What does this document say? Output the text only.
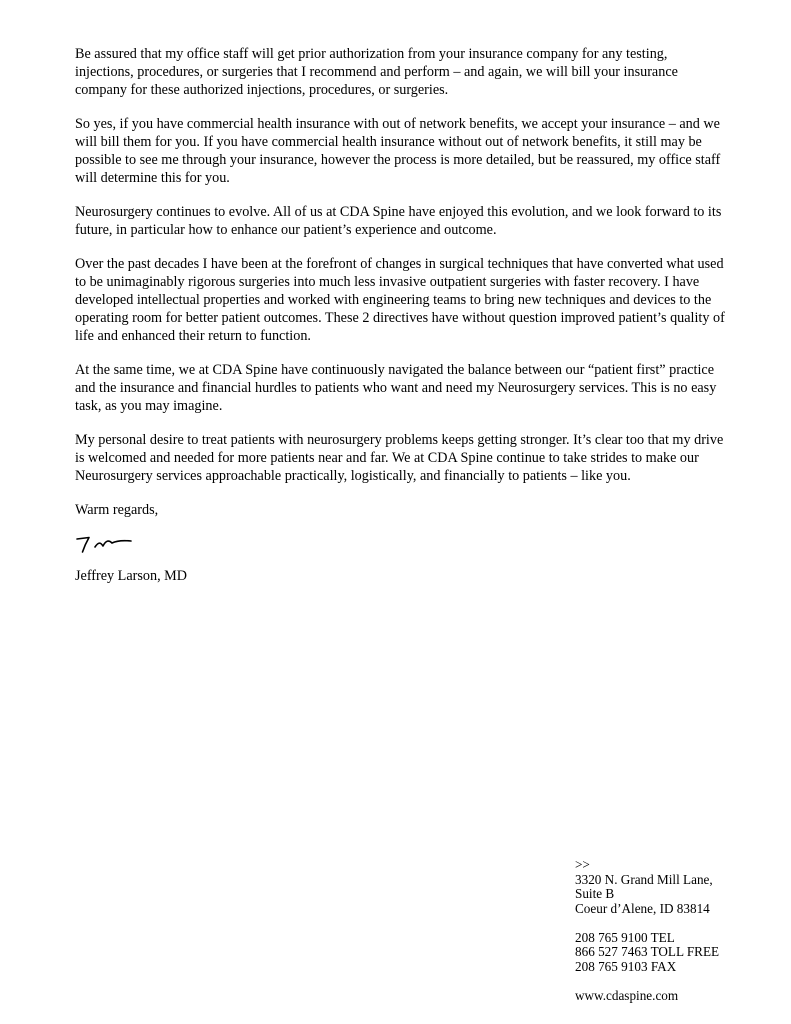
Be assured that my office staff will get prior authorization from your insurance company for any testing, injections, procedures, or surgeries that I recommend and perform – and again, we will bill your insurance company for these authorized injections, procedures, or surgeries.

So yes, if you have commercial health insurance with out of network benefits, we accept your insurance – and we will bill them for you. If you have commercial health insurance without out of network benefits, it still may be possible to see me through your insurance, however the process is more detailed, but be reassured, my office staff will determine this for you.

Neurosurgery continues to evolve. All of us at CDA Spine have enjoyed this evolution, and we look forward to its future, in particular how to enhance our patient’s experience and outcome.

Over the past decades I have been at the forefront of changes in surgical techniques that have converted what used to be unimaginably rigorous surgeries into much less invasive outpatient surgeries with faster recovery. I have developed intellectual properties and worked with engineering teams to bring new techniques and devices to the operating room for better patient outcomes. These 2 directives have without question improved patient’s quality of life and enhanced their return to function.

At the same time, we at CDA Spine have continuously navigated the balance between our “patient first” practice and the insurance and financial hurdles to patients who want and need my Neurosurgery services. This is no easy task, as you may imagine.

My personal desire to treat patients with neurosurgery problems keeps getting stronger. It’s clear too that my drive is welcomed and needed for more patients near and far. We at CDA Spine continue to take strides to make our Neurosurgery services approachable practically, logistically, and financially to patients – like you.

Warm regards,

Jeffrey Larson, MD

>>
3320 N. Grand Mill Lane,
Suite B
Coeur d’Alene, ID 83814
208 765 9100 TEL
866 527 7463 TOLL FREE
208 765 9103 FAX
www.cdaspine.com
